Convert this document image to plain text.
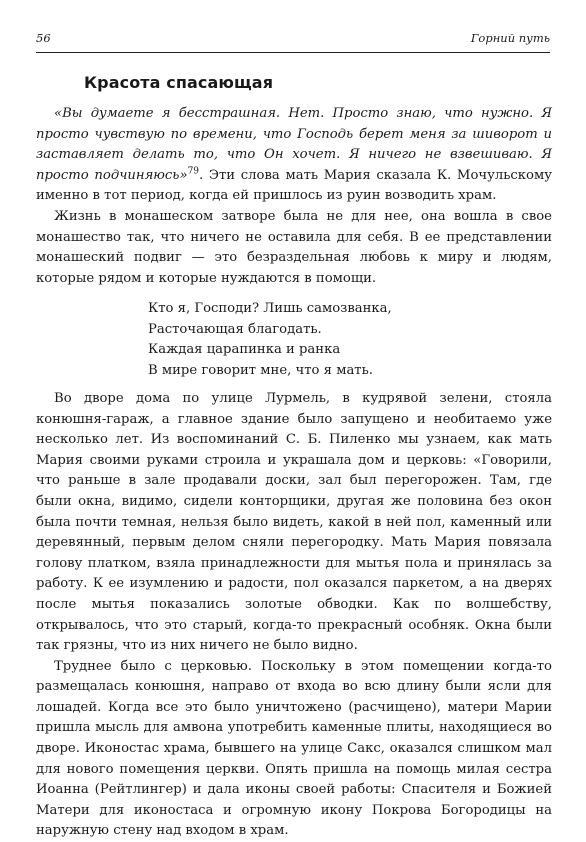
56	Горний путь
Красота спасающая

«Вы думаете я бесстрашная. Нет. Просто знаю, что нужно. Я просто чувствую по времени, что Господь берет меня за шиворот и заставляет делать то, что Он хочет. Я ничего не взвешиваю. Я просто подчиняюсь»$^{79}$. Эти слова мать Мария сказала К. Мочульскому именно в тот период, когда ей пришлось из руин возводить храм.

Жизнь в монашеском затворе была не для нее, она вошла в свое монашество так, что ничего не оставила для себя. В ее представлении монашеский подвиг — это безраздельная любовь к миру и людям, которые рядом и которые нуждаются в помощи.

Кто я, Господи? Лишь самозванка,
Расточающая благодать.
Каждая царапинка и ранка
В мире говорит мне, что я мать.

Во дворе дома по улице Лурмель, в кудрявой зелени, стояла конюшня-гараж, а главное здание было запущено и необитаемо уже несколько лет. Из воспоминаний С. Б. Пиленко мы узнаем, как мать Мария своими руками строила и украшала дом и церковь: «Говорили, что раньше в зале продавали доски, зал был перегорожен. Там, где были окна, видимо, сидели конторщики, другая же половина без окон была почти темная, нельзя было видеть, какой в ней пол, каменный или деревянный, первым делом сняли перегородку. Мать Мария повязала голову платком, взяла принадлежности для мытья пола и принялась за работу. К ее изумлению и радости, пол оказался паркетом, а на дверях после мытья показались золотые обводки. Как по волшебству, открывалось, что это старый, когда-то прекрасный особняк. Окна были так грязны, что из них ничего не было видно.

Труднее было с церковью. Поскольку в этом помещении когда-то размещалась конюшня, направо от входа во всю длину были ясли для лошадей. Когда все это было уничтожено (расчищено), матери Марии пришла мысль для амвона употребить каменные плиты, находящиеся во дворе. Иконостас храма, бывшего на улице Сакс, оказался слишком мал для нового помещения церкви. Опять пришла на помощь милая сестра Иоанна (Рейтлингер) и дала иконы своей работы: Спасителя и Божией Матери для иконостаса и огромную икону Покрова Богородицы на наружную стену над входом в храм.
